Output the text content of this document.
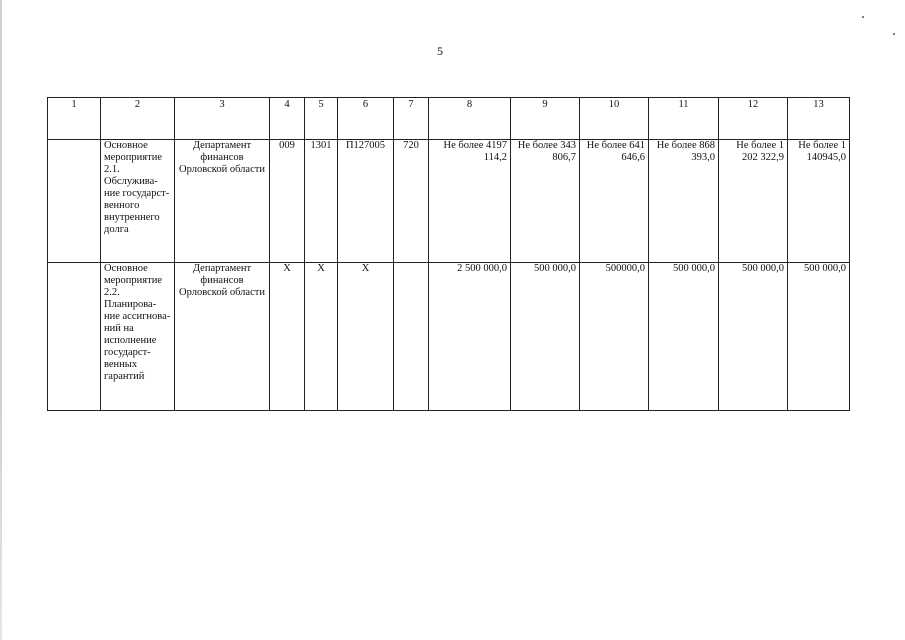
5
1	2	3	4	5	6	7	8	9	10	11	12	13
	Основное мероприятие 2.1. Обслужива-ние государст-венного внутреннего долга	Департамент финансов Орловской области	009	1301	П127005	720	Не более 4197 114,2	Не более 343 806,7	Не более 641 646,6	Не более 868 393,0	Не более 1 202 322,9	Не более 1 140945,0
	Основное мероприятие 2.2. Планирова-ние ассигнова-ний на исполнение государст-венных гарантий	Департамент финансов Орловской области	X	X	X		2 500 000,0	500 000,0	500000,0	500 000,0	500 000,0	500 000,0
